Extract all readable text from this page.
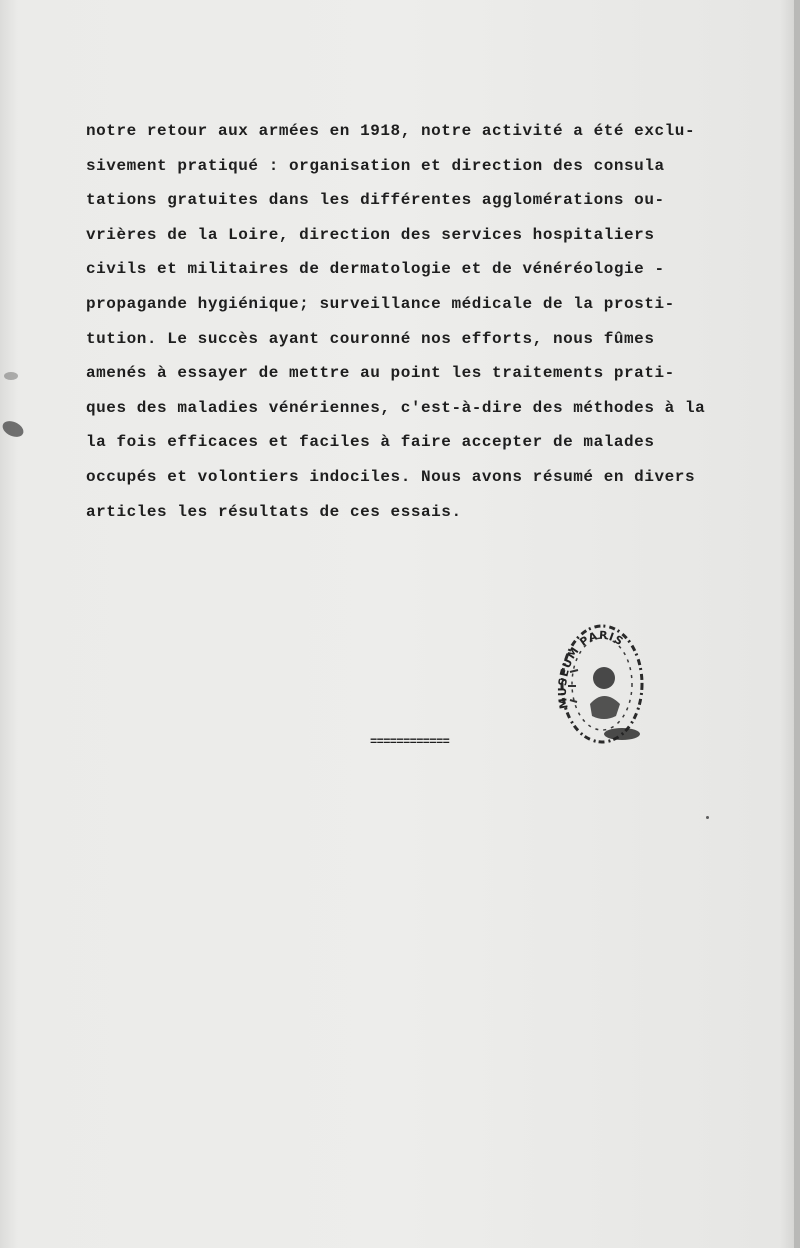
notre retour aux armées en 1918, notre activité a été exclu-
sivement pratiqué : organisation et direction des consula
tations gratuites dans les différentes agglomérations ou-
vrières de la Loire, direction des services hospitaliers
civils et militaires de dermatologie et de vénéréologie -
propagande hygiénique; surveillance médicale de la prosti-
tution. Le succès ayant couronné nos efforts, nous fûmes
amenés à essayer de mettre au point les traitements prati-
ques des maladies vénériennes, c'est-à-dire des méthodes à la
la fois efficaces et faciles à faire accepter de malades
occupés et volontiers indociles. Nous avons résumé en divers
articles les résultats de ces essais.
MUSEUM PARIS
============
